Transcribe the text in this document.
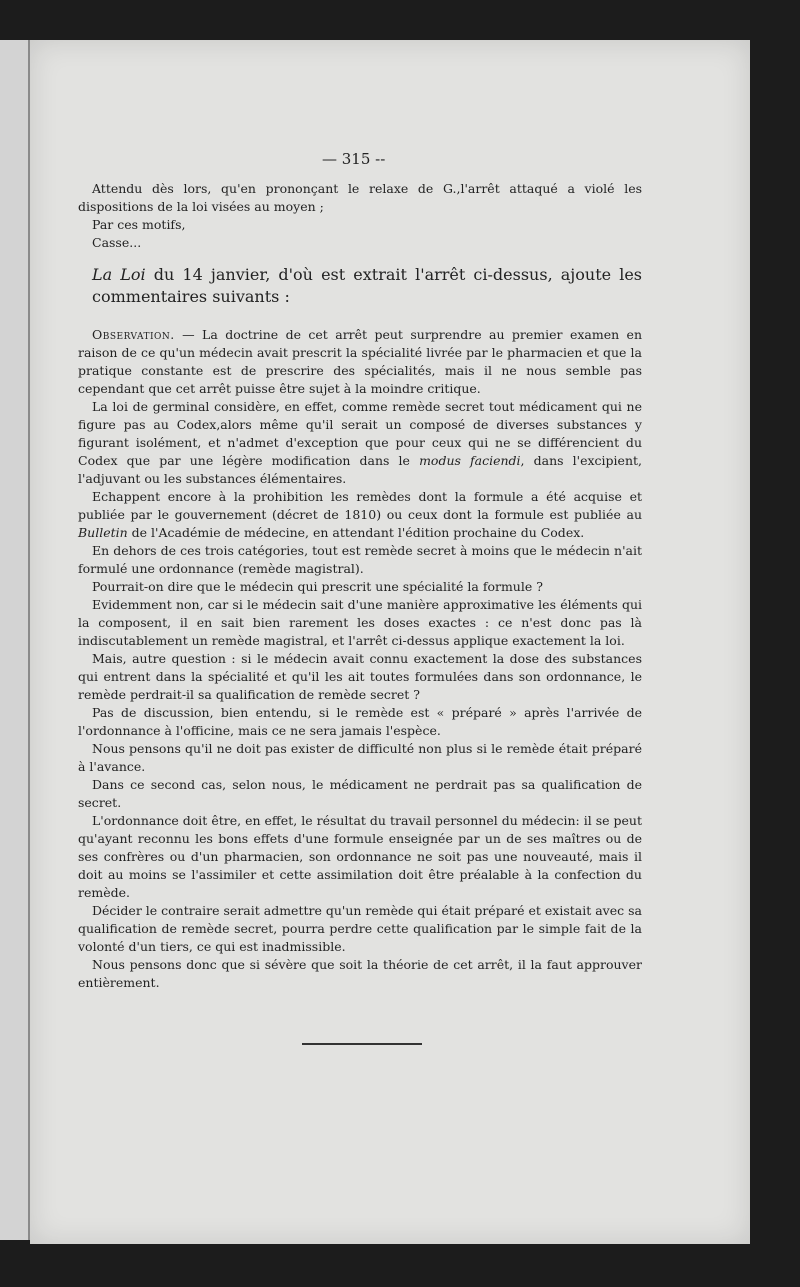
— 315 --

Attendu dès lors, qu'en prononçant le relaxe de G.,l'arrêt attaqué a violé les dispositions de la loi visées au moyen ;

Par ces motifs,

Casse...

La Loi du 14 janvier, d'où est extrait l'arrêt ci-dessus, ajoute les commentaires suivants :

Observation. — La doctrine de cet arrêt peut surprendre au premier examen en raison de ce qu'un médecin avait prescrit la spécialité livrée par le pharmacien et que la pratique constante est de prescrire des spécialités, mais il ne nous semble pas cependant que cet arrêt puisse être sujet à la moindre critique.

La loi de germinal considère, en effet, comme remède secret tout médicament qui ne figure pas au Codex,alors même qu'il serait un composé de diverses substances y figurant isolément, et n'admet d'exception que pour ceux qui ne se différencient du Codex que par une légère modification dans le modus faciendi, dans l'excipient, l'adjuvant ou les substances élémentaires.

Echappent encore à la prohibition les remèdes dont la formule a été acquise et publiée par le gouvernement (décret de 1810) ou ceux dont la formule est publiée au Bulletin de l'Académie de médecine, en attendant l'édition prochaine du Codex.

En dehors de ces trois catégories, tout est remède secret à moins que le médecin n'ait formulé une ordonnance (remède magistral).

Pourrait-on dire que le médecin qui prescrit une spécialité la formule ?

Evidemment non, car si le médecin sait d'une manière approximative les éléments qui la composent, il en sait bien rarement les doses exactes : ce n'est donc pas là indiscutablement un remède magistral, et l'arrêt ci-dessus applique exactement la loi.

Mais, autre question : si le médecin avait connu exactement la dose des substances qui entrent dans la spécialité et qu'il les ait toutes formulées dans son ordonnance, le remède perdrait-il sa qualification de remède secret ?

Pas de discussion, bien entendu, si le remède est « préparé » après l'arrivée de l'ordonnance à l'officine, mais ce ne sera jamais l'espèce.

Nous pensons qu'il ne doit pas exister de difficulté non plus si le remède était préparé à l'avance.

Dans ce second cas, selon nous, le médicament ne perdrait pas sa qualification de secret.

L'ordonnance doit être, en effet, le résultat du travail personnel du médecin: il se peut qu'ayant reconnu les bons effets d'une formule enseignée par un de ses maîtres ou de ses confrères ou d'un pharmacien, son ordonnance ne soit pas une nouveauté, mais il doit au moins se l'assimiler et cette assimilation doit être préalable à la confection du remède.

Décider le contraire serait admettre qu'un remède qui était préparé et existait avec sa qualification de remède secret, pourra perdre cette qualification par le simple fait de la volonté d'un tiers, ce qui est inadmissible.

Nous pensons donc que si sévère que soit la théorie de cet arrêt, il la faut approuver entièrement.
